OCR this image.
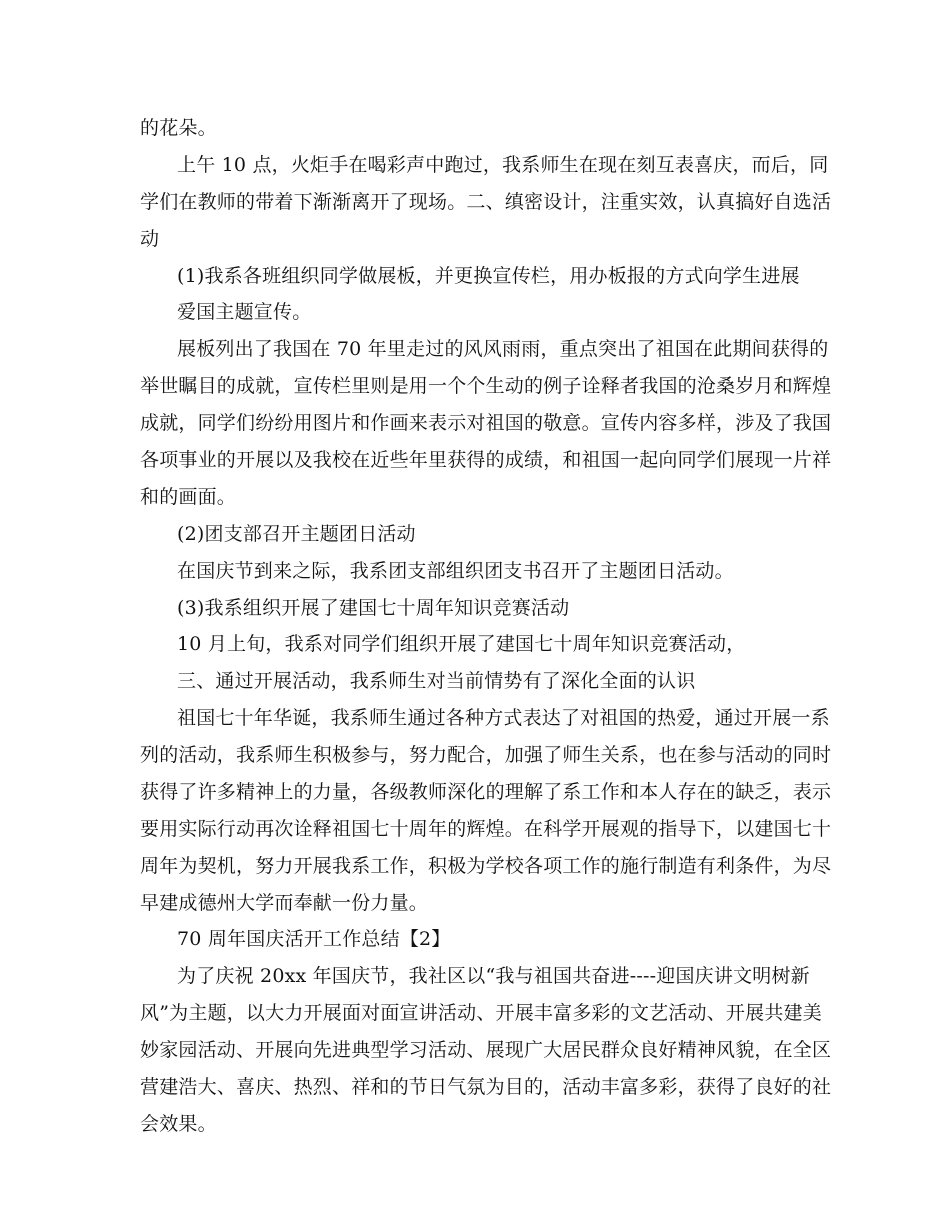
的花朵。
上午 10 点，火炬手在喝彩声中跑过，我系师生在现在刻互表喜庆，而后，同
学们在教师的带着下渐渐离开了现场。二、缜密设计，注重实效，认真搞好自选活
动
(1)我系各班组织同学做展板，并更换宣传栏，用办板报的方式向学生进展
爱国主题宣传。
展板列出了我国在 70 年里走过的风风雨雨，重点突出了祖国在此期间获得的
举世瞩目的成就，宣传栏里则是用一个个生动的例子诠释者我国的沧桑岁月和辉煌
成就，同学们纷纷用图片和作画来表示对祖国的敬意。宣传内容多样，涉及了我国
各项事业的开展以及我校在近些年里获得的成绩，和祖国一起向同学们展现一片祥
和的画面。
(2)团支部召开主题团日活动
在国庆节到来之际，我系团支部组织团支书召开了主题团日活动。
(3)我系组织开展了建国七十周年知识竞赛活动
10 月上旬，我系对同学们组织开展了建国七十周年知识竞赛活动，
三、通过开展活动，我系师生对当前情势有了深化全面的认识
祖国七十年华诞，我系师生通过各种方式表达了对祖国的热爱，通过开展一系
列的活动，我系师生积极参与，努力配合，加强了师生关系，也在参与活动的同时
获得了许多精神上的力量，各级教师深化的理解了系工作和本人存在的缺乏，表示
要用实际行动再次诠释祖国七十周年的辉煌。在科学开展观的指导下，以建国七十
周年为契机，努力开展我系工作，积极为学校各项工作的施行制造有利条件，为尽
早建成德州大学而奉献一份力量。
70 周年国庆活开工作总结【2】
为了庆祝 20xx 年国庆节，我社区以“我与祖国共奋进----迎国庆讲文明树新
风”为主题，以大力开展面对面宣讲活动、开展丰富多彩的文艺活动、开展共建美
妙家园活动、开展向先进典型学习活动、展现广大居民群众良好精神风貌，在全区
营建浩大、喜庆、热烈、祥和的节日气氛为目的，活动丰富多彩，获得了良好的社
会效果。
